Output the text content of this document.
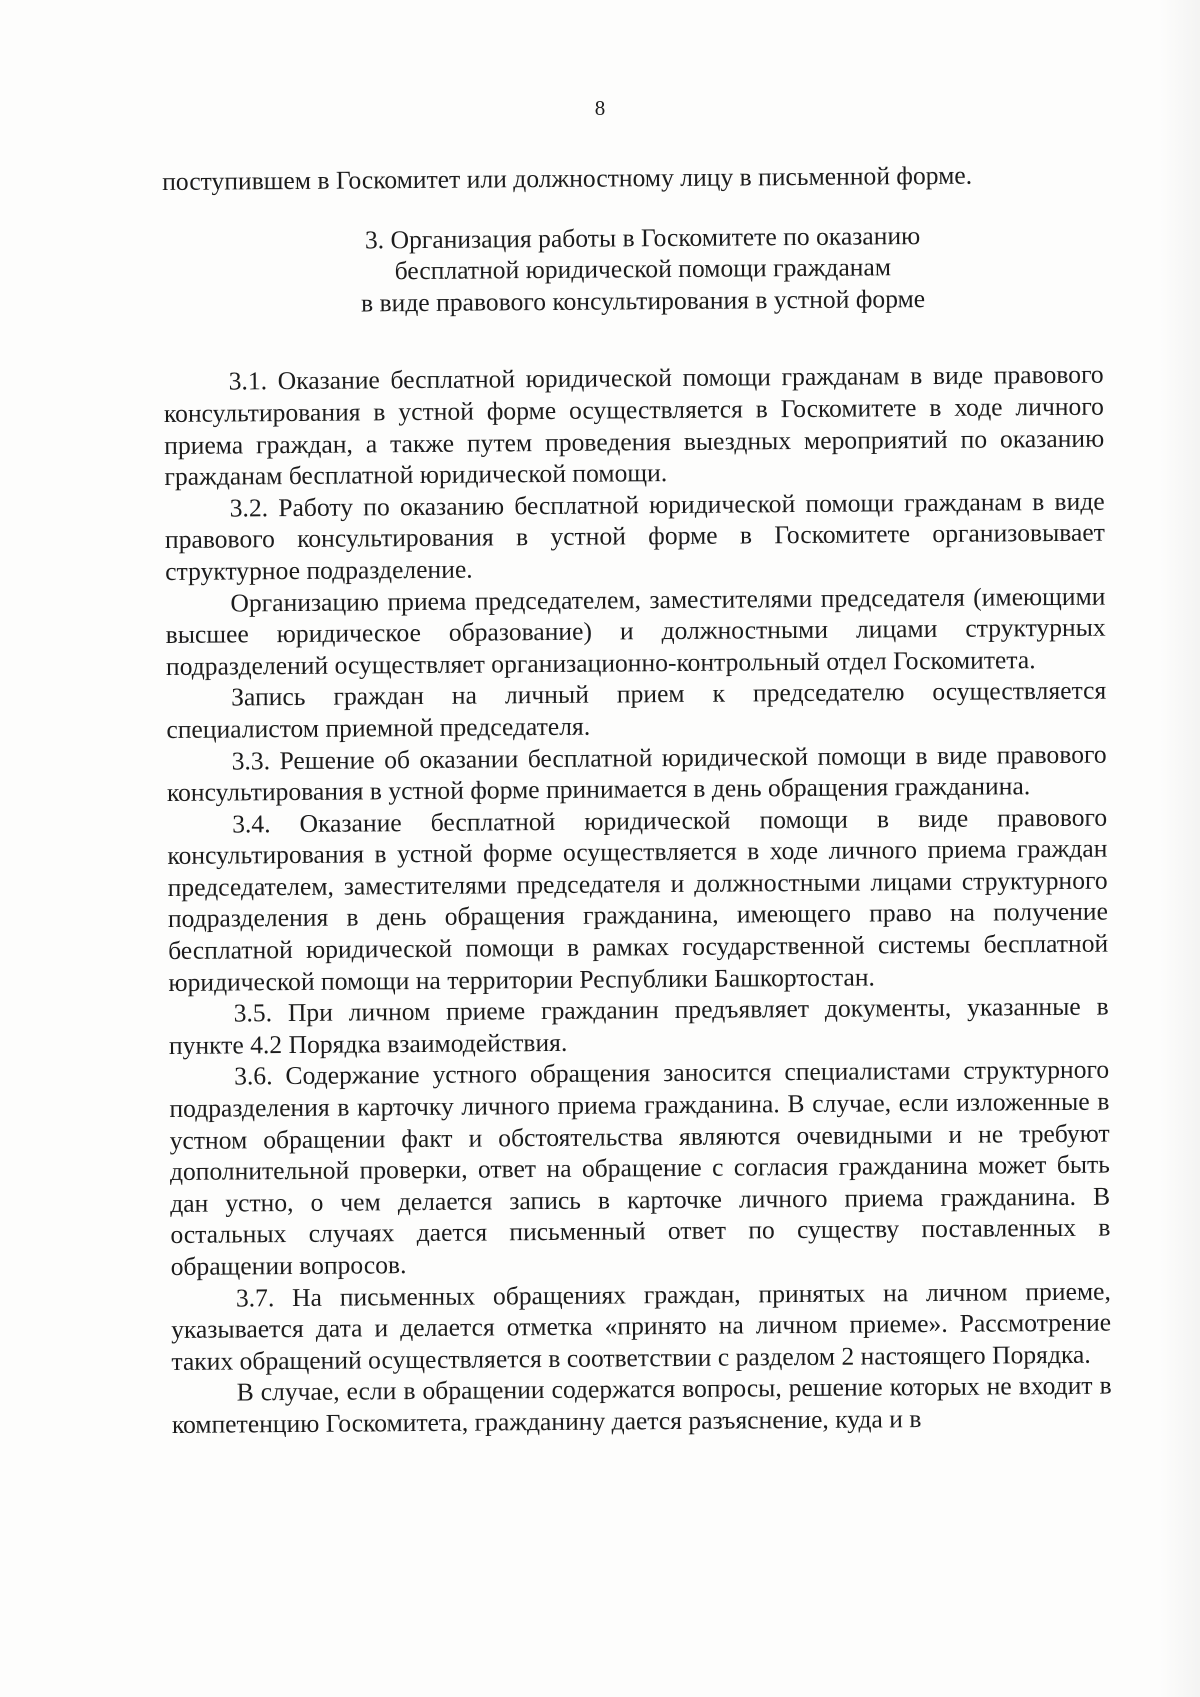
8

поступившем в Госкомитет или должностному лицу в письменной форме.

3. Организация работы в Госкомитете по оказанию
бесплатной юридической помощи гражданам
в виде правового консультирования в устной форме

3.1. Оказание бесплатной юридической помощи гражданам в виде правового консультирования в устной форме осуществляется в Госкомитете в ходе личного приема граждан, а также путем проведения выездных мероприятий по оказанию гражданам бесплатной юридической помощи.

3.2. Работу по оказанию бесплатной юридической помощи гражданам в виде правового консультирования в устной форме в Госкомитете организовывает структурное подразделение.

Организацию приема председателем, заместителями председателя (имеющими высшее юридическое образование) и должностными лицами структурных подразделений осуществляет организационно-контрольный отдел Госкомитета.

Запись граждан на личный прием к председателю осуществляется специалистом приемной председателя.

3.3. Решение об оказании бесплатной юридической помощи в виде правового консультирования в устной форме принимается в день обращения гражданина.

3.4. Оказание бесплатной юридической помощи в виде правового консультирования в устной форме осуществляется в ходе личного приема граждан председателем, заместителями председателя и должностными лицами структурного подразделения в день обращения гражданина, имеющего право на получение бесплатной юридической помощи в рамках государственной системы бесплатной юридической помощи на территории Республики Башкортостан.

3.5. При личном приеме гражданин предъявляет документы, указанные в пункте 4.2 Порядка взаимодействия.

3.6. Содержание устного обращения заносится специалистами структурного подразделения в карточку личного приема гражданина. В случае, если изложенные в устном обращении факт и обстоятельства являются очевидными и не требуют дополнительной проверки, ответ на обращение с согласия гражданина может быть дан устно, о чем делается запись в карточке личного приема гражданина. В остальных случаях дается письменный ответ по существу поставленных в обращении вопросов.

3.7. На письменных обращениях граждан, принятых на личном приеме, указывается дата и делается отметка «принято на личном приеме». Рассмотрение таких обращений осуществляется в соответствии с разделом 2 настоящего Порядка.

В случае, если в обращении содержатся вопросы, решение которых не входит в компетенцию Госкомитета, гражданину дается разъяснение, куда и в
